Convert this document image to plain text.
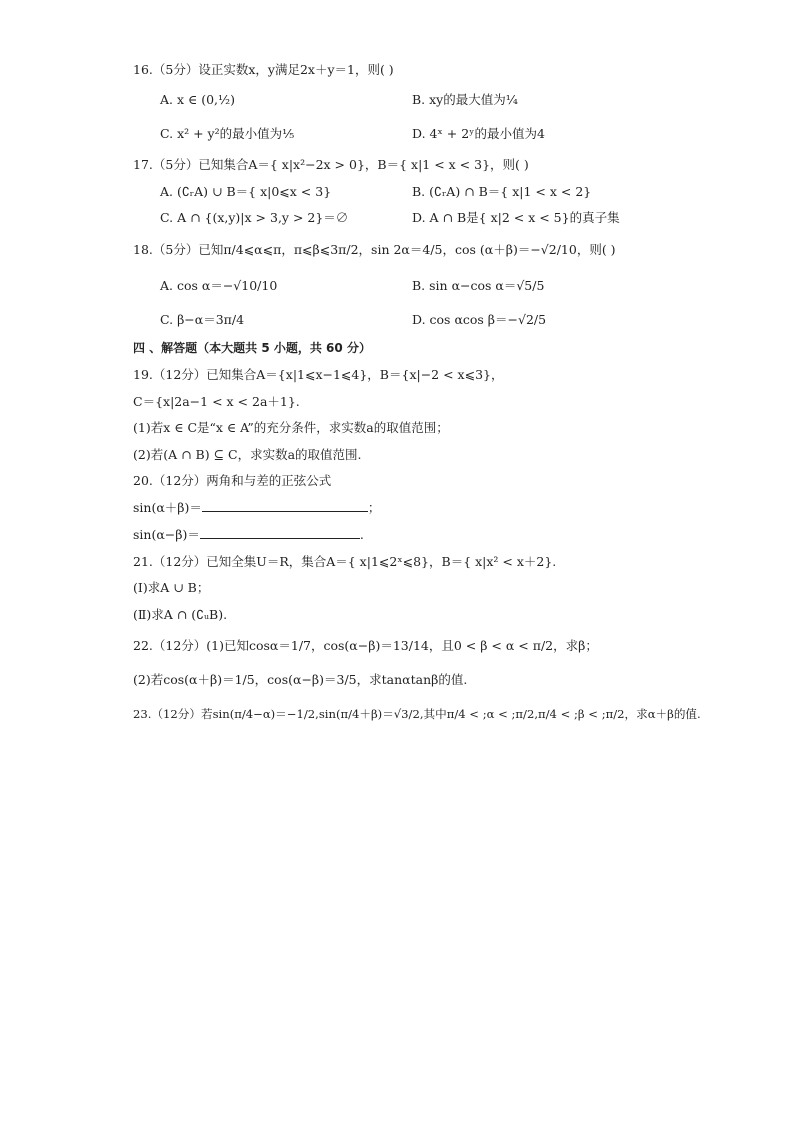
16.（5分）设正实数x，y满足2x＋y＝1，则( )
A. x ∈ (0,½)	B. xy的最大值为¼
C. x² + y²的最小值为⅕	D. 4ˣ + 2ʸ的最小值为4
17.（5分）已知集合A＝{ x|x²−2x > 0}，B＝{ x|1 < x < 3}，则( )
A. (∁ᵣA) ∪ B＝{ x|0⩽x < 3}	B. (∁ᵣA) ∩ B＝{ x|1 < x < 2}
C. A ∩ {(x,y)|x > 3,y > 2}＝∅	D. A ∩ B是{ x|2 < x < 5}的真子集
18.（5分）已知π/4⩽α⩽π，π⩽β⩽3π/2，sin 2α＝4/5，cos (α＋β)＝−√2/10，则( )
A. cos α＝−√10/10	B. sin α−cos α＝√5/5
C. β−α＝3π/4	D. cos αcos β＝−√2/5
四 、解答题（本大题共 5 小题，共 60 分）
19.（12分）已知集合A＝{x|1⩽x−1⩽4}，B＝{x|−2 < x⩽3}，
C＝{x|2a−1 < x < 2a＋1}.
(1)若x ∈ C是“x ∈ A”的充分条件，求实数a的取值范围；
(2)若(A ∩ B) ⊆ C，求实数a的取值范围.
20.（12分）两角和与差的正弦公式
sin(α＋β)＝	；
sin(α−β)＝	.
21.（12分）已知全集U＝R，集合A＝{ x|1⩽2ˣ⩽8}，B＝{ x|x² < x＋2}.
(Ⅰ)求A ∪ B；
(Ⅱ)求A ∩ (∁ᵤB).
22.（12分）(1)已知cosα＝1/7，cos(α−β)＝13/14，且0 < β < α < π/2，求β；
(2)若cos(α＋β)＝1/5，cos(α−β)＝3/5，求tanαtanβ的值.
23.（12分）若sin(π/4−α)＝−1/2,sin(π/4＋β)＝√3/2,其中π/4 < ;α < ;π/2,π/4 < ;β < ;π/2，求α＋β的值.
